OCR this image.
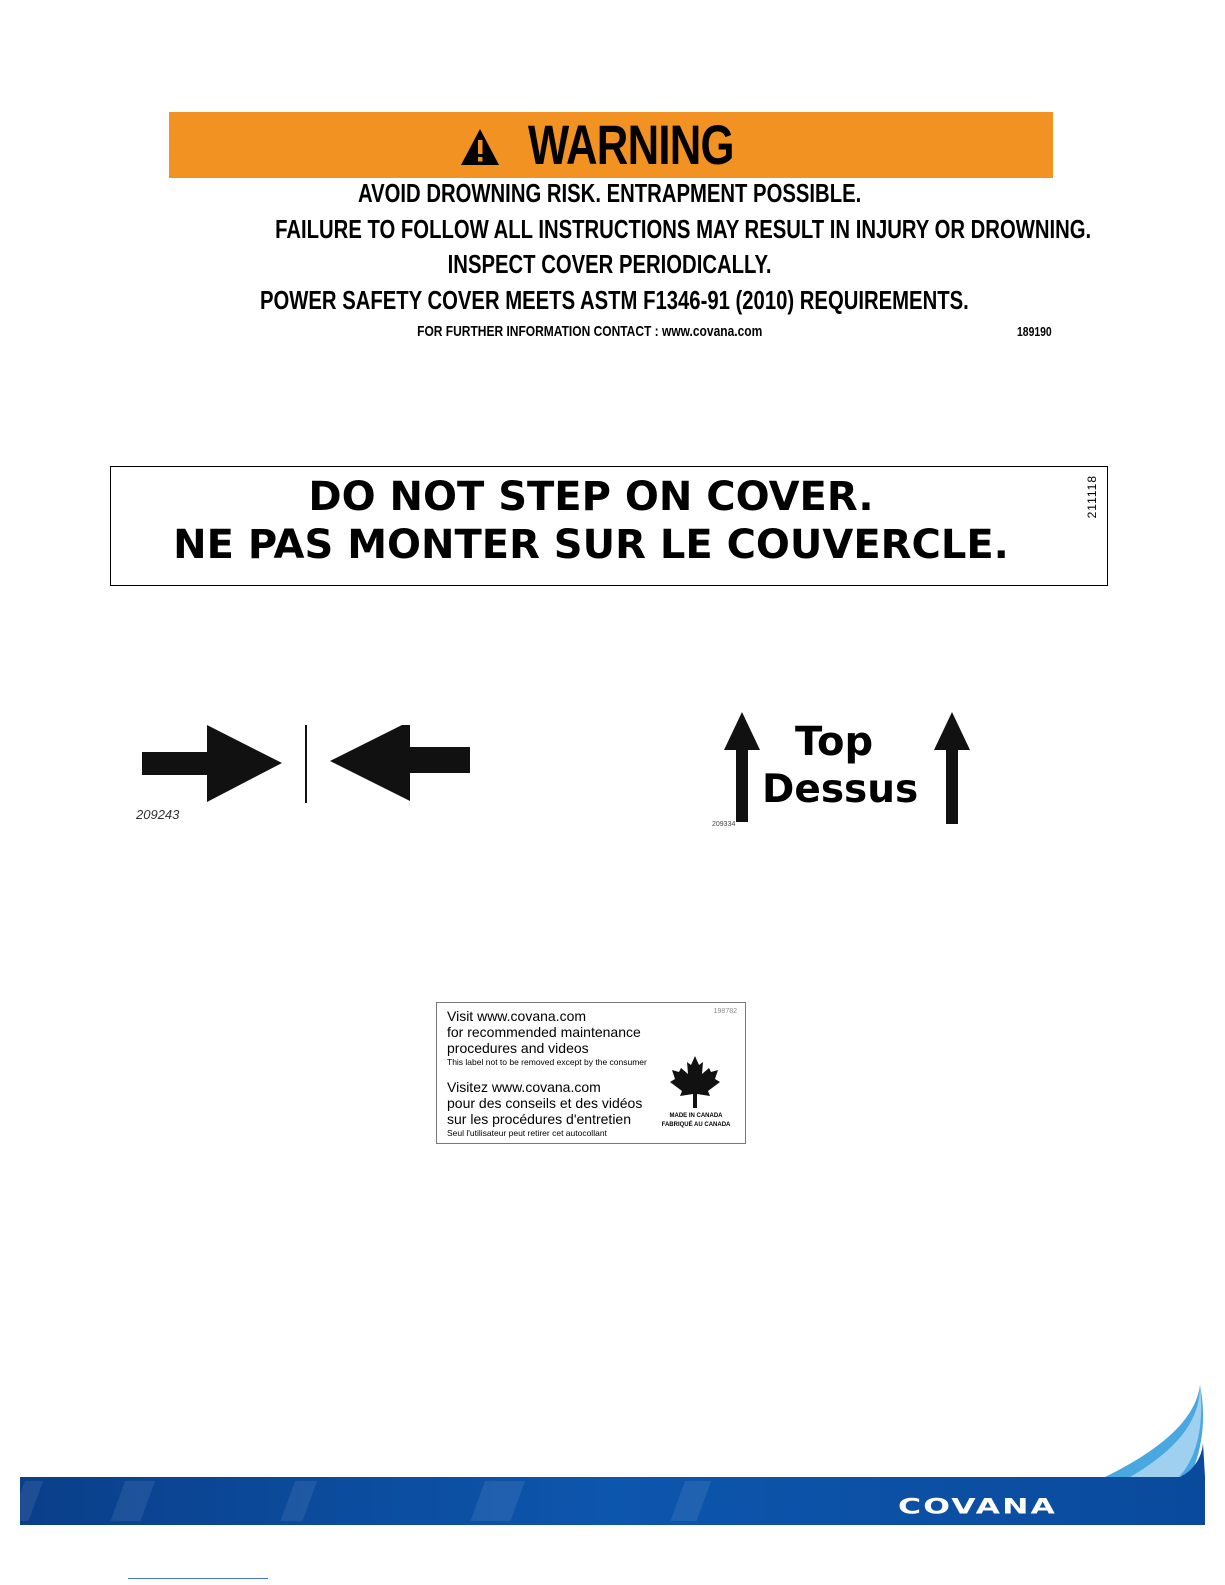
WARNING
AVOID DROWNING RISK. ENTRAPMENT POSSIBLE.
FAILURE TO FOLLOW ALL INSTRUCTIONS MAY RESULT IN INJURY OR DROWNING.
INSPECT COVER PERIODICALLY.
POWER SAFETY COVER MEETS ASTM F1346-91 (2010) REQUIREMENTS.
FOR FURTHER INFORMATION CONTACT : www.covana.com	189190
DO NOT STEP ON COVER.
NE PAS MONTER SUR LE COUVERCLE.
211118
209243
Top
Dessus
209334
Visit www.covana.com
for recommended maintenance
procedures and videos
This label not to be removed except by the consumer
Visitez www.covana.com
pour des conseils et des vidéos
sur les procédures d'entretien
Seul l'utilisateur peut retirer cet autocollant
198782
MADE IN CANADA
FABRIQUÉ AU CANADA
COVANA
